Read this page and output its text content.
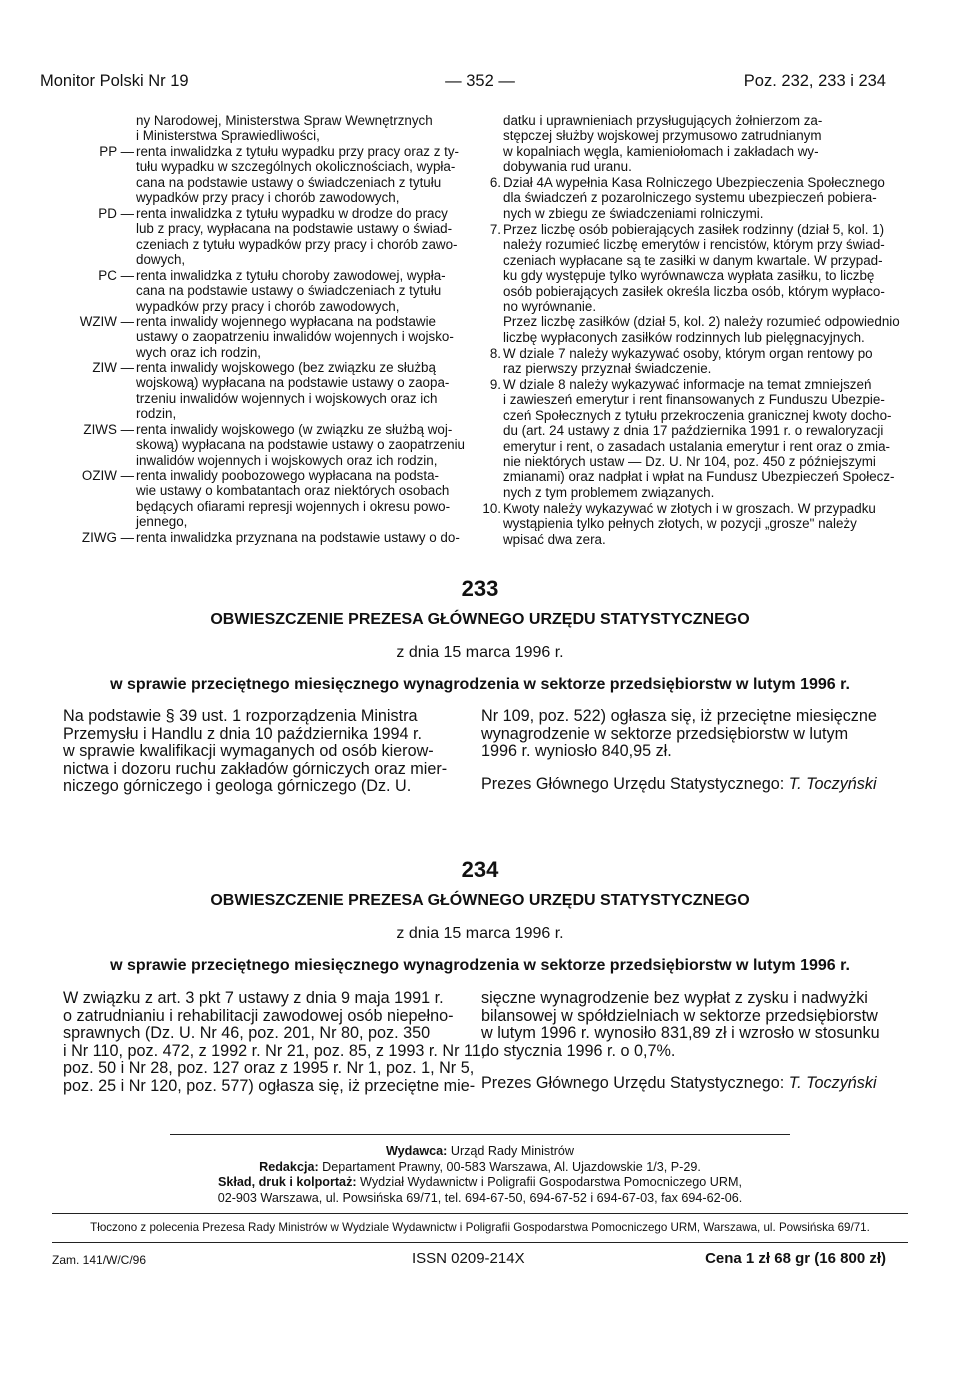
Monitor Polski Nr 19	— 352 —	Poz. 232, 233 i 234
ny Narodowej, Ministerstwa Spraw Wewnętrznych
i Ministerstwa Sprawiedliwości,
PP — renta inwalidzka z tytułu wypadku przy pracy oraz z ty-
tułu wypadku w szczególnych okolicznościach, wypła-
cana na podstawie ustawy o świadczeniach z tytułu
wypadków przy pracy i chorób zawodowych,
PD — renta inwalidzka z tytułu wypadku w drodze do pracy
lub z pracy, wypłacana na podstawie ustawy o świad-
czeniach z tytułu wypadków przy pracy i chorób zawo-
dowych,
PC — renta inwalidzka z tytułu choroby zawodowej, wypła-
cana na podstawie ustawy o świadczeniach z tytułu
wypadków przy pracy i chorób zawodowych,
WZIW — renta inwalidy wojennego wypłacana na podstawie
ustawy o zaopatrzeniu inwalidów wojennych i wojsko-
wych oraz ich rodzin,
ZIW — renta inwalidy wojskowego (bez związku ze służbą
wojskową) wypłacana na podstawie ustawy o zaopa-
trzeniu inwalidów wojennych i wojskowych oraz ich
rodzin,
ZIWS — renta inwalidy wojskowego (w związku ze służbą woj-
skową) wypłacana na podstawie ustawy o zaopatrzeniu
inwalidów wojennych i wojskowych oraz ich rodzin,
OZIW — renta inwalidy poobozowego wypłacana na podsta-
wie ustawy o kombatantach oraz niektórych osobach
będących ofiarami represji wojennych i okresu powo-
jennego,
ZIWG — renta inwalidzka przyznana na podstawie ustawy o do-
datku i uprawnieniach przysługujących żołnierzom za-
stępczej służby wojskowej przymusowo zatrudnianym
w kopalniach węgla, kamieniołomach i zakładach wy-
dobywania rud uranu.
6. Dział 4A wypełnia Kasa Rolniczego Ubezpieczenia Społecznego
dla świadczeń z pozarolniczego systemu ubezpieczeń pobiera-
nych w zbiegu ze świadczeniami rolniczymi.
7. Przez liczbę osób pobierających zasiłek rodzinny (dział 5, kol. 1)
należy rozumieć liczbę emerytów i rencistów, którym przy świad-
czeniach wypłacane są te zasiłki w danym kwartale. W przypad-
ku gdy występuje tylko wyrównawcza wypłata zasiłku, to liczbę
osób pobierających zasiłek określa liczba osób, którym wypłaco-
no wyrównanie.
Przez liczbę zasiłków (dział 5, kol. 2) należy rozumieć odpowiednio
liczbę wypłaconych zasiłków rodzinnych lub pielęgnacyjnych.
8. W dziale 7 należy wykazywać osoby, którym organ rentowy po
raz pierwszy przyznał świadczenie.
9. W dziale 8 należy wykazywać informacje na temat zmniejszeń
i zawieszeń emerytur i rent finansowanych z Funduszu Ubezpie-
czeń Społecznych z tytułu przekroczenia granicznej kwoty docho-
du (art. 24 ustawy z dnia 17 października 1991 r. o rewaloryzacji
emerytur i rent, o zasadach ustalania emerytur i rent oraz o zmia-
nie niektórych ustaw — Dz. U. Nr 104, poz. 450 z późniejszymi
zmianami) oraz nadpłat i wpłat na Fundusz Ubezpieczeń Społecz-
nych z tym problemem związanych.
10. Kwoty należy wykazywać w złotych i w groszach. W przypadku
wystąpienia tylko pełnych złotych, w pozycji „grosze" należy
wpisać dwa zera.
233
OBWIESZCZENIE PREZESA GŁÓWNEGO URZĘDU STATYSTYCZNEGO
z dnia 15 marca 1996 r.
w sprawie przeciętnego miesięcznego wynagrodzenia w sektorze przedsiębiorstw w lutym 1996 r.
Na podstawie § 39 ust. 1 rozporządzenia Ministra
Przemysłu i Handlu z dnia 10 października 1994 r.
w sprawie kwalifikacji wymaganych od osób kierow-
nictwa i dozoru ruchu zakładów górniczych oraz mier-
niczego górniczego i geologa górniczego (Dz. U.
Nr 109, poz. 522) ogłasza się, iż przeciętne miesięczne
wynagrodzenie w sektorze przedsiębiorstw w lutym
1996 r. wyniosło 840,95 zł.
Prezes Głównego Urzędu Statystycznego: T. Toczyński
234
OBWIESZCZENIE PREZESA GŁÓWNEGO URZĘDU STATYSTYCZNEGO
z dnia 15 marca 1996 r.
w sprawie przeciętnego miesięcznego wynagrodzenia w sektorze przedsiębiorstw w lutym 1996 r.
W związku z art. 3 pkt 7 ustawy z dnia 9 maja 1991 r.
o zatrudnianiu i rehabilitacji zawodowej osób niepełno-
sprawnych (Dz. U. Nr 46, poz. 201, Nr 80, poz. 350
i Nr 110, poz. 472, z 1992 r. Nr 21, poz. 85, z 1993 r. Nr 11,
poz. 50 i Nr 28, poz. 127 oraz z 1995 r. Nr 1, poz. 1, Nr 5,
poz. 25 i Nr 120, poz. 577) ogłasza się, iż przeciętne mie-
sięczne wynagrodzenie bez wypłat z zysku i nadwyżki
bilansowej w spółdzielniach w sektorze przedsiębiorstw
w lutym 1996 r. wynosiło 831,89 zł i wzrosło w stosunku
do stycznia 1996 r. o 0,7%.
Prezes Głównego Urzędu Statystycznego: T. Toczyński
Wydawca: Urząd Rady Ministrów
Redakcja: Departament Prawny, 00-583 Warszawa, Al. Ujazdowskie 1/3, P-29.
Skład, druk i kolportaż: Wydział Wydawnictw i Poligrafii Gospodarstwa Pomocniczego URM,
02-903 Warszawa, ul. Powsińska 69/71, tel. 694-67-50, 694-67-52 i 694-67-03, fax 694-62-06.
Tłoczono z polecenia Prezesa Rady Ministrów w Wydziale Wydawnictw i Poligrafii Gospodarstwa Pomocniczego URM, Warszawa, ul. Powsińska 69/71.
Zam. 141/W/C/96	ISSN 0209-214X	Cena 1 zł 68 gr (16 800 zł)
